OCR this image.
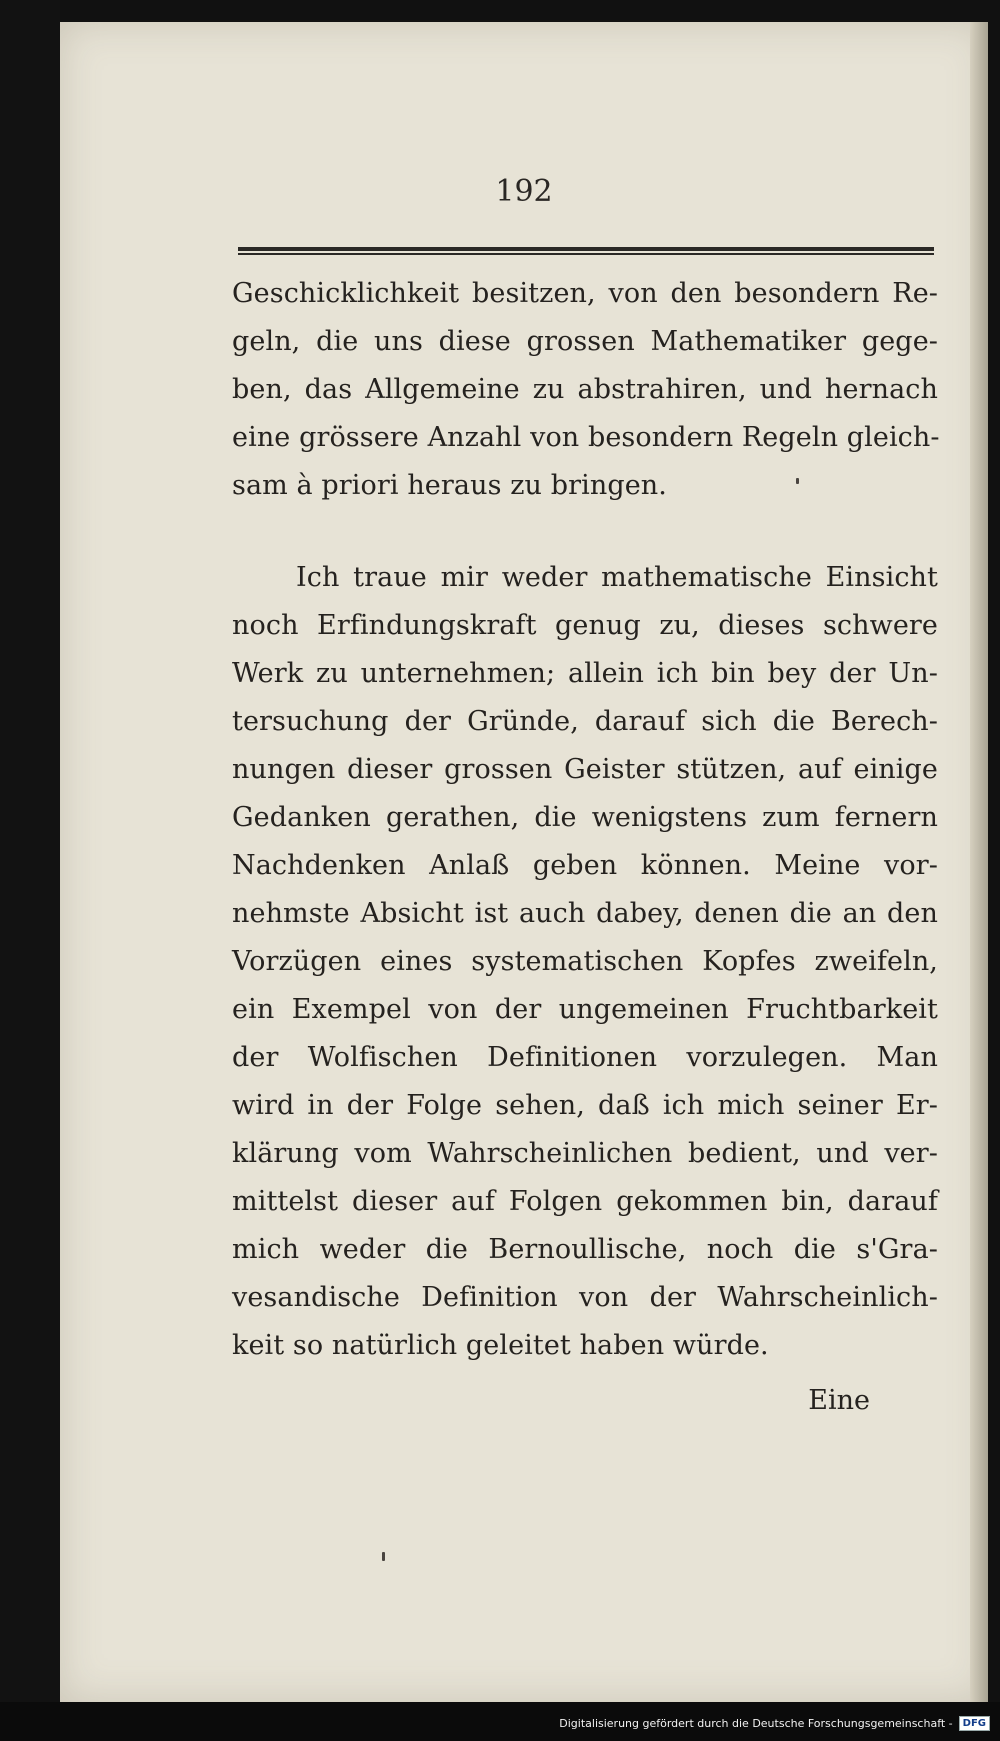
192
Geschicklichkeit besitzen, von den besondern Re-
geln, die uns diese grossen Mathematiker gege-
ben, das Allgemeine zu abstrahiren, und hernach
eine grössere Anzahl von besondern Regeln gleich-
sam à priori heraus zu bringen.
Ich traue mir weder mathematische Einsicht
noch Erfindungskraft genug zu, dieses schwere
Werk zu unternehmen; allein ich bin bey der Un-
tersuchung der Gründe, darauf sich die Berech-
nungen dieser grossen Geister stützen, auf einige
Gedanken gerathen, die wenigstens zum fernern
Nachdenken Anlaß geben können. Meine vor-
nehmste Absicht ist auch dabey, denen die an den
Vorzügen eines systematischen Kopfes zweifeln,
ein Exempel von der ungemeinen Fruchtbarkeit
der Wolfischen Definitionen vorzulegen. Man
wird in der Folge sehen, daß ich mich seiner Er-
klärung vom Wahrscheinlichen bedient, und ver-
mittelst dieser auf Folgen gekommen bin, darauf
mich weder die Bernoullische, noch die s'Gra-
vesandische Definition von der Wahrscheinlich-
keit so natürlich geleitet haben würde.
Eine
Digitalisierung gefördert durch die Deutsche Forschungsgemeinschaft -	DFG
